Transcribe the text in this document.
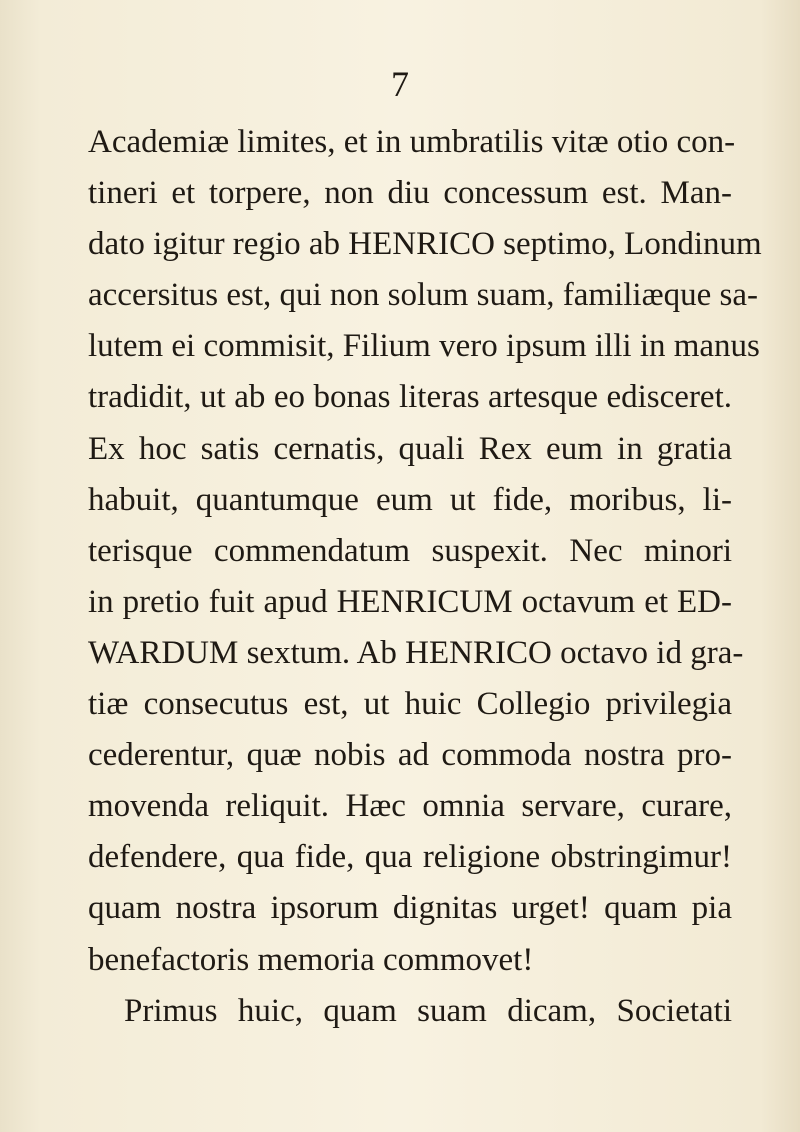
7
Academiæ limites, et in umbratilis vitæ otio con-
tineri et torpere, non diu concessum est. Man-
dato igitur regio ab HENRICO septimo, Londinum
accersitus est, qui non solum suam, familiæque sa-
lutem ei commisit, Filium vero ipsum illi in manus
tradidit, ut ab eo bonas literas artesque edisceret.
Ex hoc satis cernatis, quali Rex eum in gratia
habuit, quantumque eum ut fide, moribus, li-
terisque commendatum suspexit. Nec minori
in pretio fuit apud HENRICUM octavum et ED-
WARDUM sextum. Ab HENRICO octavo id gra-
tiæ consecutus est, ut huic Collegio privilegia
cederentur, quæ nobis ad commoda nostra pro-
movenda reliquit. Hæc omnia servare, curare,
defendere, qua fide, qua religione obstringimur!
quam nostra ipsorum dignitas urget! quam pia
benefactoris memoria commovet!
Primus huic, quam suam dicam, Societati
